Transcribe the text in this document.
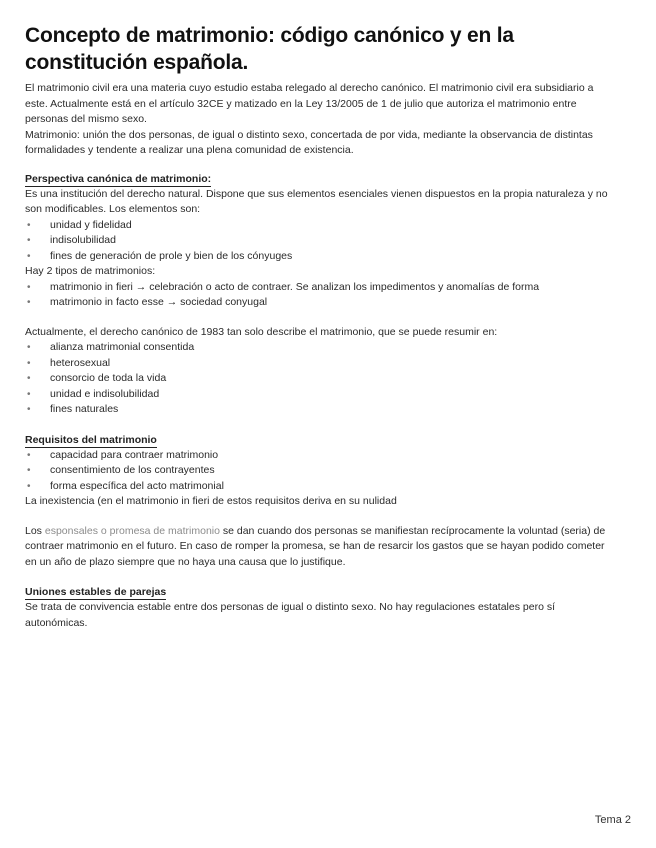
Concepto de matrimonio: código canónico y en la constitución española.

El matrimonio civil era una materia cuyo estudio estaba relegado al derecho canónico. El matrimonio civil era subsidiario a este. Actualmente está en el artículo 32CE y matizado en la Ley 13/2005 de 1 de julio que autoriza el matrimonio entre personas del mismo sexo.

Matrimonio: unión the dos personas, de igual o distinto sexo, concertada de por vida, mediante la observancia de distintas formalidades y tendente a realizar una plena comunidad de existencia.

Perspectiva canónica de matrimonio:

Es una institución del derecho natural. Dispone que sus elementos esenciales vienen dispuestos en la propia naturaleza y no son modificables. Los elementos son:

• unidad y fidelidad
• indisolubilidad
• fines de generación de prole y bien de los cónyuges

Hay 2 tipos de matrimonios:

• matrimonio in fieri → celebración o acto de contraer. Se analizan los impedimentos y anomalías de forma
• matrimonio in facto esse → sociedad conyugal

Actualmente, el derecho canónico de 1983 tan solo describe el matrimonio, que se puede resumir en:

• alianza matrimonial consentida
• heterosexual
• consorcio de toda la vida
• unidad e indisolubilidad
• fines naturales
Requisitos del matrimonio
• capacidad para contraer matrimonio
• consentimiento de los contrayentes
• forma específica del acto matrimonial

La inexistencia (en el matrimonio in fieri de estos requisitos deriva en su nulidad

Los esponsales o promesa de matrimonio se dan cuando dos personas se manifiestan recíprocamente la voluntad (seria) de contraer matrimonio en el futuro. En caso de romper la promesa, se han de resarcir los gastos que se hayan podido cometer en un año de plazo siempre que no haya una causa que lo justifique.

Uniones estables de parejas

Se trata de convivencia estable entre dos personas de igual o distinto sexo. No hay regulaciones estatales pero sí autonómicas.

Tema 2
